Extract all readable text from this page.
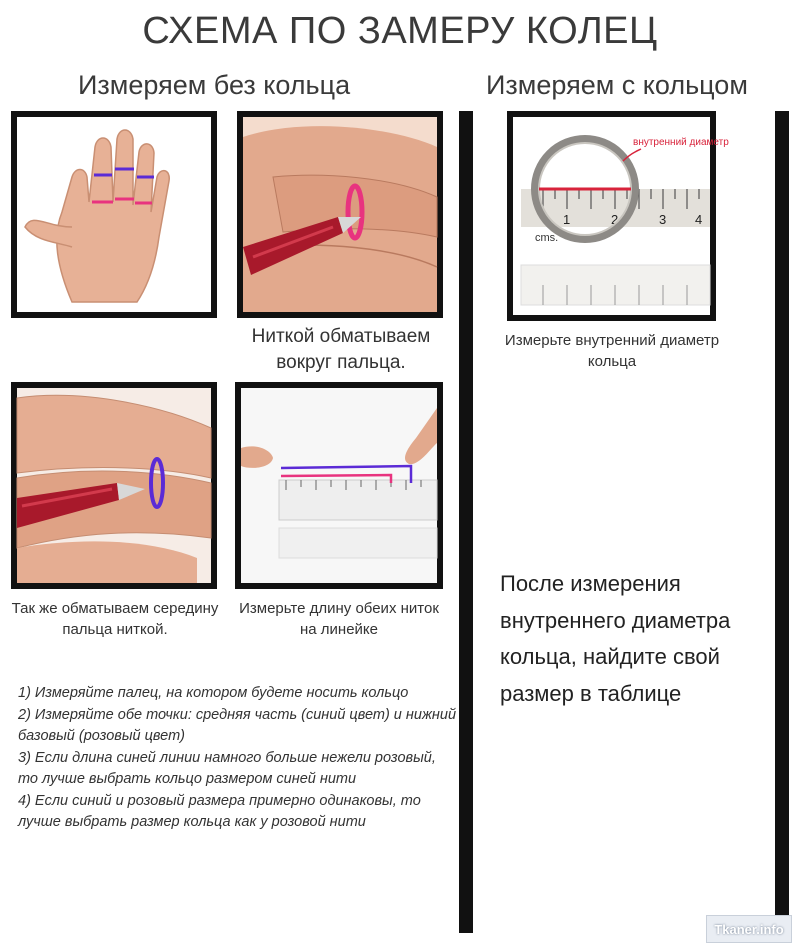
СХЕМА ПО ЗАМЕРУ КОЛЕЦ
Измеряем без кольца	Измеряем с кольцом
Ниткой обматываем вокруг пальца.
Так же обматываем середину пальца ниткой.
Измерьте длину обеих ниток на линейке
1	2	3 4
cms.
внутренний диаметр
Измерьте внутренний диаметр кольца

1) Измеряйте палец, на котором будете носить кольцо

2) Измеряйте обе точки: средняя часть (синий цвет) и нижний базовый (розовый цвет)

3) Если длина синей линии намного больше нежели розовый, то лучше выбрать кольцо размером синей нити

4) Если синий и розовый размера примерно одинаковы, то лучше выбрать размер кольца как у розовой нити

После измерения внутреннего диаметра кольца, найдите свой размер в таблице
Tkaner.info
